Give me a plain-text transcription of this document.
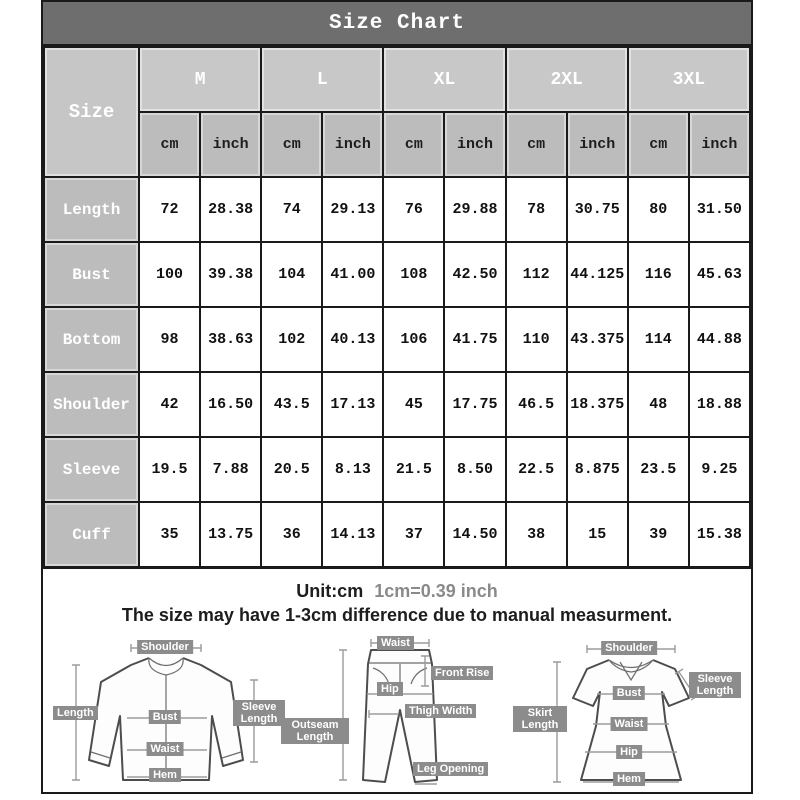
Size Chart
Size	M		L		XL		2XL		3XL	
	cm	inch	cm	inch	cm	inch	cm	inch	cm	inch
Length	72	28.38	74	29.13	76	29.88	78	30.75	80	31.50
Bust	100	39.38	104	41.00	108	42.50	112	44.125	116	45.63
Bottom	98	38.63	102	40.13	106	41.75	110	43.375	114	44.88
Shoulder	42	16.50	43.5	17.13	45	17.75	46.5	18.375	48	18.88
Sleeve	19.5	7.88	20.5	8.13	21.5	8.50	22.5	8.875	23.5	9.25
Cuff	35	13.75	36	14.13	37	14.50	38	15	39	15.38
Unit:cm 1cm=0.39 inch
The size may have 1-3cm difference due to manual measurment.
Shoulder
Length	Bust
Waist
Hem
Sleeve Length
Waist
Front Rise
Hip
Thigh Width
Outseam Length
Leg Opening
Shoulder
Sleeve Length
Bust
Waist
Hip
Hem
Skirt Length
